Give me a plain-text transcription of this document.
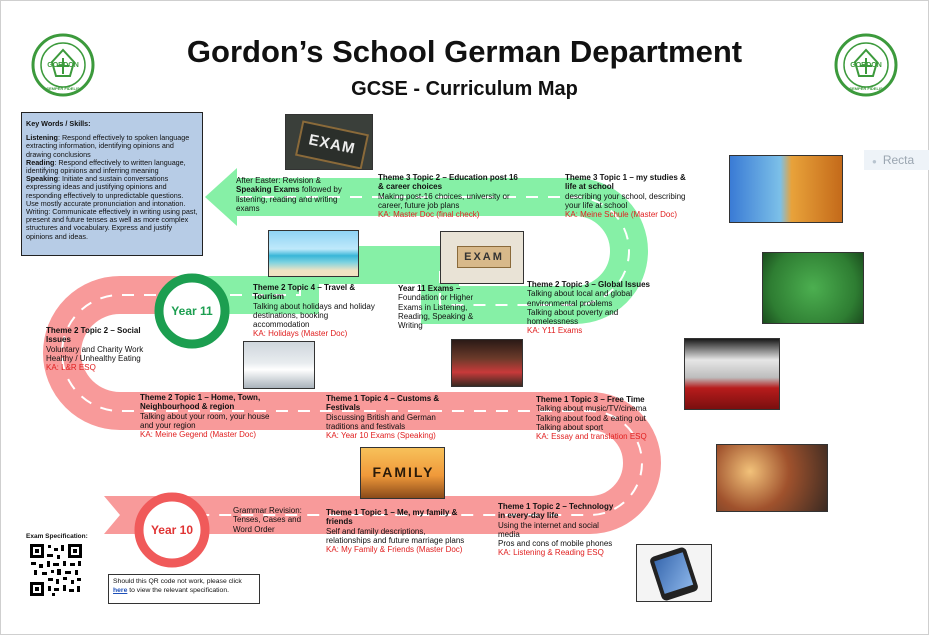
GORDON
SEMPER FIDELIS
GORDON
SEMPER FIDELIS
Gordon’s School German Department
GCSE - Curriculum Map
Year 11
Year 10
Key Words / Skills:
Listening: Respond effectively to spoken language extracting information, identifying opinions and drawing conclusions
Reading: Respond effectively to written language, identifying opinions and inferring meaning
Speaking: Initiate and sustain conversations expressing ideas and justifying opinions and responding effectively to unpredictable questions. Use mostly accurate pronunciation and intonation.
Writing: Communicate effectively in writing using past, present and future tenses as well as more complex structures and vocabulary. Express and justify opinions and ideas.
EXAM
EXAM
FAMILY
After Easter: Revision &
Speaking Exams followed by listening, reading and writing exams
Theme 3 Topic 2 – Education post 16 & career choices
Making post-16 choices, university or career, future job plans
KA: Master Doc (final check)
Theme 3 Topic 1 – my studies & life at school
describing your school, describing your life at school
KA: Meine Schule (Master Doc)
Theme 2 Topic 4 – Travel & Tourism
Talking about holidays and holiday destinations, booking accommodation
KA: Holidays (Master Doc)
Year 11 Exams –
Foundation or Higher Exams in Listening, Reading, Speaking & Writing
Theme 2 Topic 3 – Global Issues
Talking about local and global environmental problems
Talking about poverty and homelessness
KA: Y11 Exams
Theme 2 Topic 2 – Social Issues
Voluntary and Charity Work
Healthy / Unhealthy Eating
KA: L&R ESQ
Theme 2 Topic 1 – Home, Town, Neighbourhood & region
Talking about your room, your house and your region
KA: Meine Gegend (Master Doc)
Theme 1 Topic 4 – Customs & Festivals
Discussing British and German traditions and festivals
KA: Year 10 Exams (Speaking)
Theme 1 Topic 3 – Free Time
Talking about music/TV/cinema
Talking about food & eating out
Talking about sport
KA: Essay and translation ESQ
Grammar Revision: Tenses, Cases and Word Order
Theme 1 Topic 1 – Me, my family & friends
Self and family descriptions, relationships and future marriage plans
KA: My Family & Friends (Master Doc)
Theme 1 Topic 2 – Technology in every-day life
Using the internet and social media
Pros and cons of mobile phones
KA: Listening & Reading ESQ
Exam Specification:
Should this QR code not work, please click
here to view the relevant specification.
● Recta
